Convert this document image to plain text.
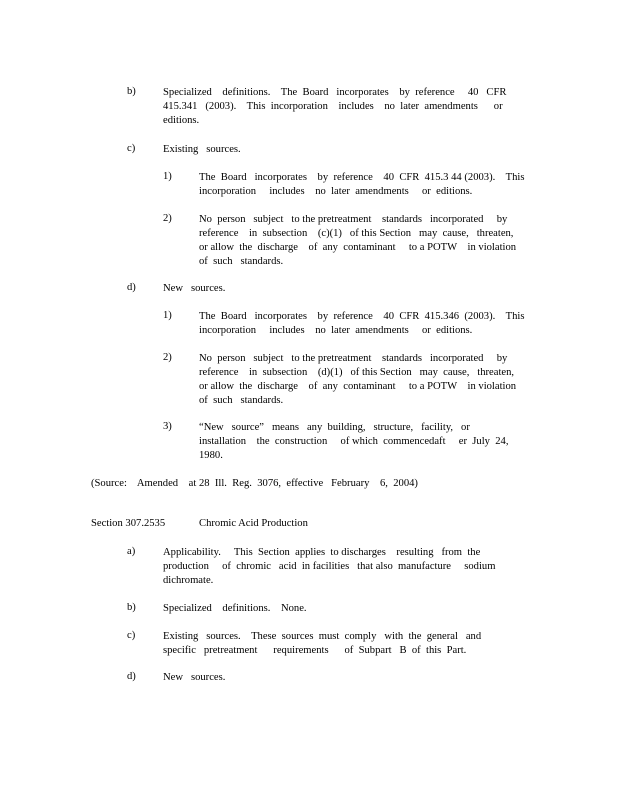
b)	Specialized    definitions.    The  Board   incorporates    by  reference     40   CFR
415.341   (2003).    This  incorporation    includes    no  later  amendments      or
editions.
c)	Existing   sources.
1)	The  Board   incorporates    by  reference    40  CFR  415.3 44 (2003).    This
incorporation     includes    no  later  amendments     or  editions.
2)	No  person   subject   to the pretreatment    standards   incorporated     by
reference    in  subsection    (c)(1)   of this Section   may  cause,   threaten,
or allow  the  discharge    of  any  contaminant     to a POTW    in violation
of  such   standards.
d)	New   sources.
1)	The  Board   incorporates    by  reference    40  CFR  415.346  (2003).    This
incorporation     includes    no  later  amendments     or  editions.
2)	No  person   subject   to the pretreatment    standards   incorporated     by
reference    in  subsection    (d)(1)   of this Section   may  cause,   threaten,
or allow  the  discharge    of  any  contaminant     to a POTW    in violation
of  such   standards.
3)	“New   source”   means   any  building,   structure,   facility,   or
installation    the  construction     of which  commencedaft     er  July  24,
1980.
(Source:    Amended    at 28  Ill.  Reg.  3076,  effective   February    6,  2004)
Section 307.2535	Chromic Acid Production
a)	Applicability.     This  Section  applies  to discharges    resulting   from  the
production     of  chromic   acid  in facilities   that also  manufacture     sodium
dichromate.
b)	Specialized    definitions.    None.
c)	Existing   sources.    These  sources  must  comply   with  the  general   and
specific   pretreatment      requirements      of  Subpart   B  of  this  Part.
d)	New   sources.
